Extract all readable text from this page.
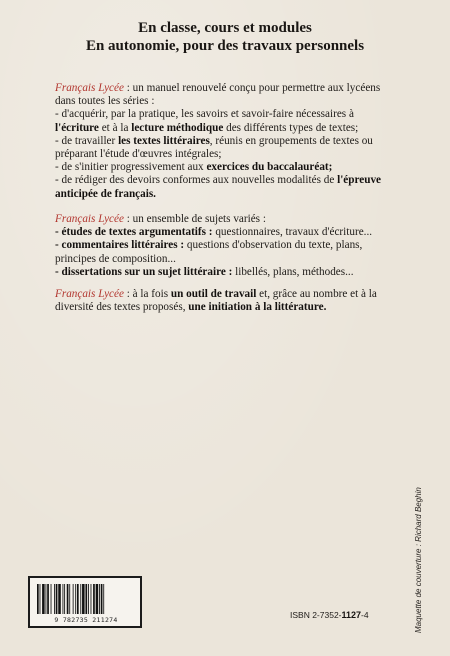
En classe, cours et modules
En autonomie, pour des travaux personnels
Français Lycée : un manuel renouvelé conçu pour permettre aux lycéens dans toutes les séries :
- d'acquérir, par la pratique, les savoirs et savoir-faire nécessaires à l'écriture et à la lecture méthodique des différents types de textes;
- de travailler les textes littéraires, réunis en groupements de textes ou préparant l'étude d'œuvres intégrales;
- de s'initier progressivement aux exercices du baccalauréat;
- de rédiger des devoirs conformes aux nouvelles modalités de l'épreuve anticipée de français.
Français Lycée : un ensemble de sujets variés :
- études de textes argumentatifs : questionnaires, travaux d'écriture...
- commentaires littéraires : questions d'observation du texte, plans, principes de composition...
- dissertations sur un sujet littéraire : libellés, plans, méthodes...
Français Lycée : à la fois un outil de travail et, grâce au nombre et à la diversité des textes proposés, une initiation à la littérature.
9 782735 211274	ISBN 2-7352-1127-4	Maquette de couverture : Richard Beghin
